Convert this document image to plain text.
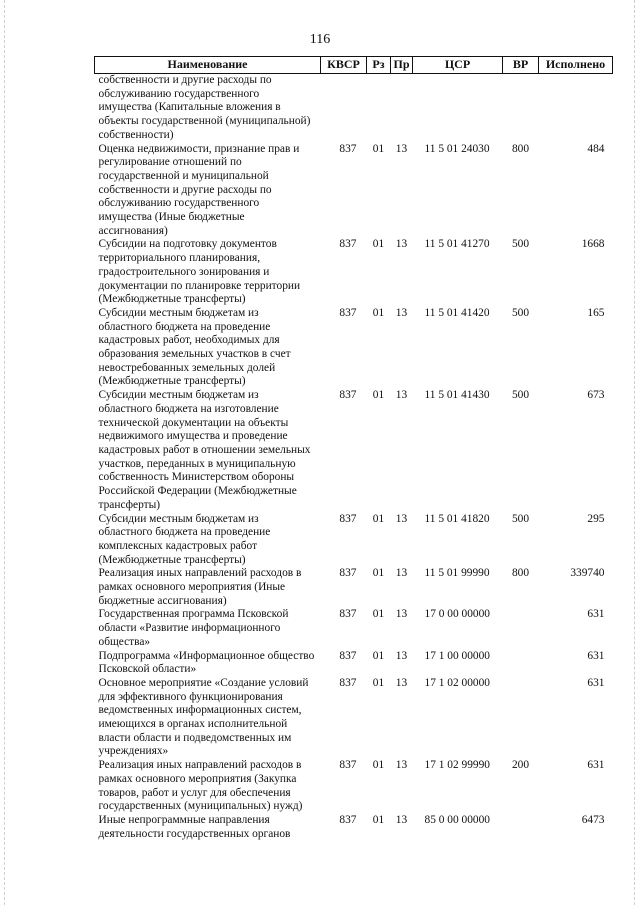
116
Наименование	КВСР	Рз	Пр	ЦСР	ВР	Исполнено
собственности и другие расходы по обслуживанию государственного имущества (Капитальные вложения в объекты государственной (муниципальной) собственности)						
Оценка недвижимости, признание прав и регулирование отношений по государственной и муниципальной собственности и другие расходы по обслуживанию государственного имущества (Иные бюджетные ассигнования)	837	01	13	11 5 01 24030	800	484
Субсидии на подготовку документов территориального планирования, градостроительного зонирования и документации по планировке территории (Межбюджетные трансферты)	837	01	13	11 5 01 41270	500	1668
Субсидии местным бюджетам из областного бюджета на проведение кадастровых работ, необходимых для образования земельных участков в счет невостребованных земельных долей (Межбюджетные трансферты)	837	01	13	11 5 01 41420	500	165
Субсидии местным бюджетам из областного бюджета на изготовление технической документации на объекты недвижимого имущества и проведение кадастровых работ в отношении земельных участков, переданных в муниципальную собственность Министерством обороны Российской Федерации (Межбюджетные трансферты)	837	01	13	11 5 01 41430	500	673
Субсидии местным бюджетам из областного бюджета на проведение комплексных кадастровых работ (Межбюджетные трансферты)	837	01	13	11 5 01 41820	500	295
Реализация иных направлений расходов в рамках основного мероприятия (Иные бюджетные ассигнования)	837	01	13	11 5 01 99990	800	339740
Государственная программа Псковской области «Развитие информационного общества»	837	01	13	17 0 00 00000		631
Подпрограмма «Информационное общество Псковской области»	837	01	13	17 1 00 00000		631
Основное мероприятие «Создание условий для эффективного функционирования ведомственных информационных систем, имеющихся в органах исполнительной власти области и подведомственных им учреждениях»	837	01	13	17 1 02 00000		631
Реализация иных направлений расходов в рамках основного мероприятия (Закупка товаров, работ и услуг для обеспечения государственных (муниципальных) нужд)	837	01	13	17 1 02 99990	200	631
Иные непрограммные направления деятельности государственных органов	837	01	13	85 0 00 00000		6473
